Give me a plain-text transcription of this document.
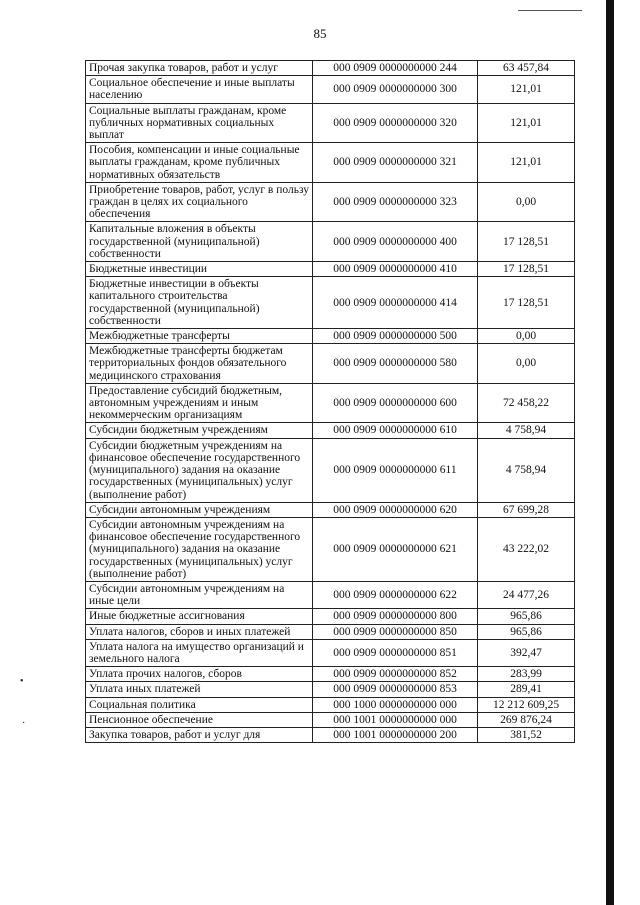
•
·
85
Прочая закупка товаров, работ и услуг	000 0909 0000000000 244	63 457,84
Социальное обеспечение и иные выплаты населению	000 0909 0000000000 300	121,01
Социальные выплаты гражданам, кроме публичных нормативных социальных выплат	000 0909 0000000000 320	121,01
Пособия, компенсации и иные социальные выплаты гражданам, кроме публичных нормативных обязательств	000 0909 0000000000 321	121,01
Приобретение товаров, работ, услуг в пользу граждан в целях их социального обеспечения	000 0909 0000000000 323	0,00
Капитальные вложения в объекты государственной (муниципальной) собственности	000 0909 0000000000 400	17 128,51
Бюджетные инвестиции	000 0909 0000000000 410	17 128,51
Бюджетные инвестиции в объекты капитального строительства государственной (муниципальной) собственности	000 0909 0000000000 414	17 128,51
Межбюджетные трансферты	000 0909 0000000000 500	0,00
Межбюджетные трансферты бюджетам территориальных фондов обязательного медицинского страхования	000 0909 0000000000 580	0,00
Предоставление субсидий бюджетным, автономным учреждениям и иным некоммерческим организациям	000 0909 0000000000 600	72 458,22
Субсидии бюджетным учреждениям	000 0909 0000000000 610	4 758,94
Субсидии бюджетным учреждениям на финансовое обеспечение государственного (муниципального) задания на оказание государственных (муниципальных) услуг (выполнение работ)	000 0909 0000000000 611	4 758,94
Субсидии автономным учреждениям	000 0909 0000000000 620	67 699,28
Субсидии автономным учреждениям на финансовое обеспечение государственного (муниципального) задания на оказание государственных (муниципальных) услуг (выполнение работ)	000 0909 0000000000 621	43 222,02
Субсидии автономным учреждениям на иные цели	000 0909 0000000000 622	24 477,26
Иные бюджетные ассигнования	000 0909 0000000000 800	965,86
Уплата налогов, сборов и иных платежей	000 0909 0000000000 850	965,86
Уплата налога на имущество организаций и земельного налога	000 0909 0000000000 851	392,47
Уплата прочих налогов, сборов	000 0909 0000000000 852	283,99
Уплата иных платежей	000 0909 0000000000 853	289,41
Социальная политика	000 1000 0000000000 000	12 212 609,25
Пенсионное обеспечение	000 1001 0000000000 000	269 876,24
Закупка товаров, работ и услуг для	000 1001 0000000000 200	381,52
